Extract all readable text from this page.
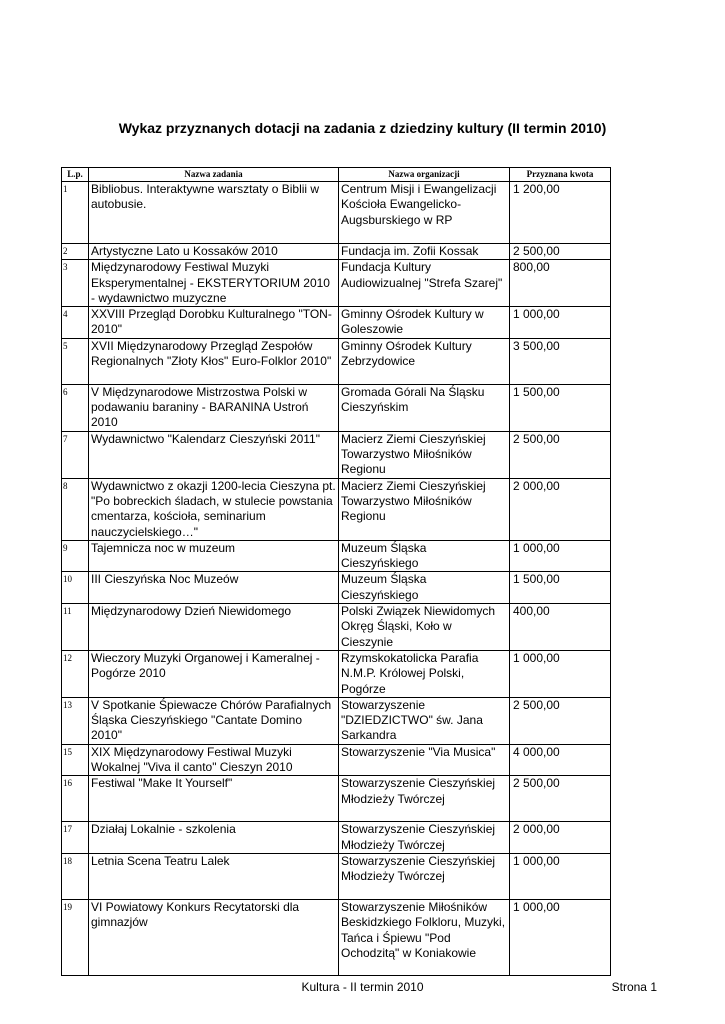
Wykaz przyznanych dotacji na zadania z dziedziny kultury (II termin 2010)
L.p.	Nazwa zadania	Nazwa organizacji	Przyznana kwota
1	Bibliobus. Interaktywne warsztaty o Biblii w autobusie.	Centrum Misji i Ewangelizacji Kościoła Ewangelicko-Augsburskiego w RP	1 200,00
2	Artystyczne Lato u Kossaków 2010	Fundacja im. Zofii Kossak	2 500,00
3	Międzynarodowy Festiwal Muzyki Eksperymentalnej - EKSTERYTORIUM 2010 - wydawnictwo muzyczne	Fundacja Kultury Audiowizualnej "Strefa Szarej"	800,00
4	XXVIII Przegląd Dorobku Kulturalnego "TON-2010"	Gminny Ośrodek Kultury w Goleszowie	1 000,00
5	XVII Międzynarodowy Przegląd Zespołów Regionalnych "Złoty Kłos" Euro-Folklor 2010"	Gminny Ośrodek Kultury Zebrzydowice	3 500,00
6	V Międzynarodowe Mistrzostwa Polski w podawaniu baraniny - BARANINA Ustroń 2010	Gromada Górali Na Śląsku Cieszyńskim	1 500,00
7	Wydawnictwo "Kalendarz Cieszyński 2011"	Macierz Ziemi Cieszyńskiej Towarzystwo Miłośników Regionu	2 500,00
8	Wydawnictwo z okazji 1200-lecia Cieszyna pt. "Po bobreckich śladach, w stulecie powstania cmentarza, kościoła, seminarium nauczycielskiego…"	Macierz Ziemi Cieszyńskiej Towarzystwo Miłośników Regionu	2 000,00
9	Tajemnicza noc w muzeum	Muzeum Śląska Cieszyńskiego	1 000,00
10	III Cieszyńska Noc Muzeów	Muzeum Śląska Cieszyńskiego	1 500,00
11	Międzynarodowy Dzień Niewidomego	Polski Związek Niewidomych Okręg Śląski, Koło w Cieszynie	400,00
12	Wieczory Muzyki Organowej i Kameralnej - Pogórze 2010	Rzymskokatolicka Parafia N.M.P. Królowej Polski, Pogórze	1 000,00
13	V Spotkanie Śpiewacze Chórów Parafialnych Śląska Cieszyńskiego "Cantate Domino 2010"	Stowarzyszenie "DZIEDZICTWO" św. Jana Sarkandra	2 500,00
15	XIX Międzynarodowy Festiwal Muzyki Wokalnej "Viva il canto" Cieszyn 2010	Stowarzyszenie "Via Musica"	4 000,00
16	Festiwal "Make It Yourself"	Stowarzyszenie Cieszyńskiej Młodzieży Twórczej	2 500,00
17	Działaj Lokalnie - szkolenia	Stowarzyszenie Cieszyńskiej Młodzieży Twórczej	2 000,00
18	Letnia Scena Teatru Lalek	Stowarzyszenie Cieszyńskiej Młodzieży Twórczej	1 000,00
19	VI Powiatowy Konkurs Recytatorski dla gimnazjów	Stowarzyszenie Miłośników Beskidzkiego Folkloru, Muzyki, Tańca i Śpiewu "Pod Ochodzitą" w Koniakowie	1 000,00
Kultura - II termin 2010	Strona 1
